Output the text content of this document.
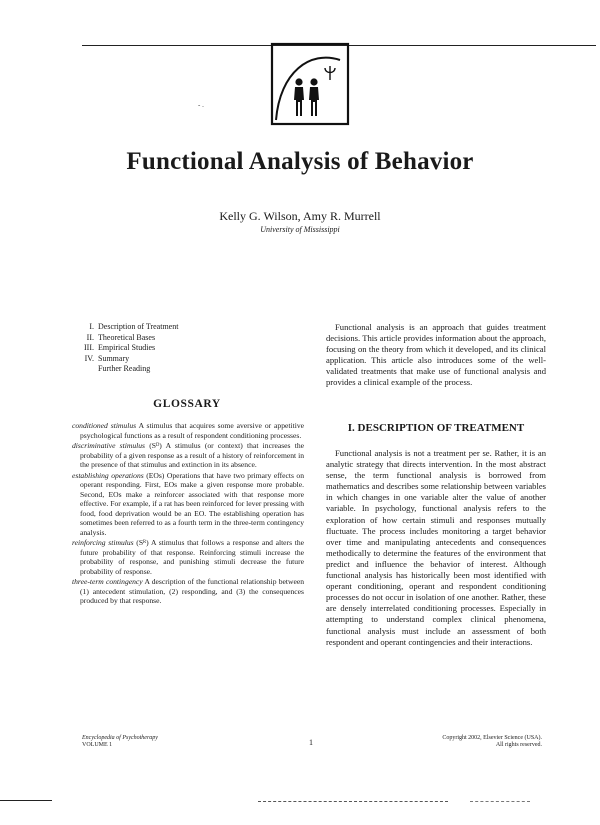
- .
Functional Analysis of Behavior
Kelly G. Wilson, Amy R. Murrell
University of Mississippi
I. Description of Treatment
II. Theoretical Bases
III. Empirical Studies
IV. Summary
Further Reading
GLOSSARY

conditioned stimulus A stimulus that acquires some aversive or appetitive psychological functions as a result of respondent conditioning processes.

discriminative stimulus (Sᴰ) A stimulus (or context) that increases the probability of a given response as a result of a history of reinforcement in the presence of that stimulus and extinction in its absence.

establishing operations (EOs) Operations that have two primary effects on operant responding. First, EOs make a given response more probable. Second, EOs make a reinforcer associated with that response more effective. For example, if a rat has been reinforced for lever pressing with food, food deprivation would be an EO. The establishing operation has sometimes been referred to as a fourth term in the three-term contingency analysis.

reinforcing stimulus (Sᴿ) A stimulus that follows a response and alters the future probability of that response. Reinforcing stimuli increase the probability of response, and punishing stimuli decrease the future probability of response.

three-term contingency A description of the functional relationship between (1) antecedent stimulation, (2) responding, and (3) the consequences produced by that response.

Functional analysis is an approach that guides treatment decisions. This article provides information about the approach, focusing on the theory from which it developed, and its clinical application. This article also introduces some of the well-validated treatments that make use of functional analysis and provides a clinical example of the process.

I. DESCRIPTION OF TREATMENT

Functional analysis is not a treatment per se. Rather, it is an analytic strategy that directs intervention. In the most abstract sense, the term functional analysis is borrowed from mathematics and describes some relationship between variables in which changes in one variable alter the value of another variable. In psychology, functional analysis refers to the exploration of how certain stimuli and responses mutually fluctuate. The process includes monitoring a target behavior over time and manipulating antecedents and consequences methodically to determine the features of the environment that predict and influence the behavior of interest. Although functional analysis has historically been most identified with operant conditioning, operant and respondent conditioning processes do not occur in isolation of one another. Rather, these are densely interrelated conditioning processes. Especially in attempting to understand complex clinical phenomena, functional analysis must include an assessment of both respondent and operant contingencies and their interactions.

Encyclopedia of Psychotherapy
VOLUME 1	1	Copyright 2002, Elsevier Science (USA).
All rights reserved.
